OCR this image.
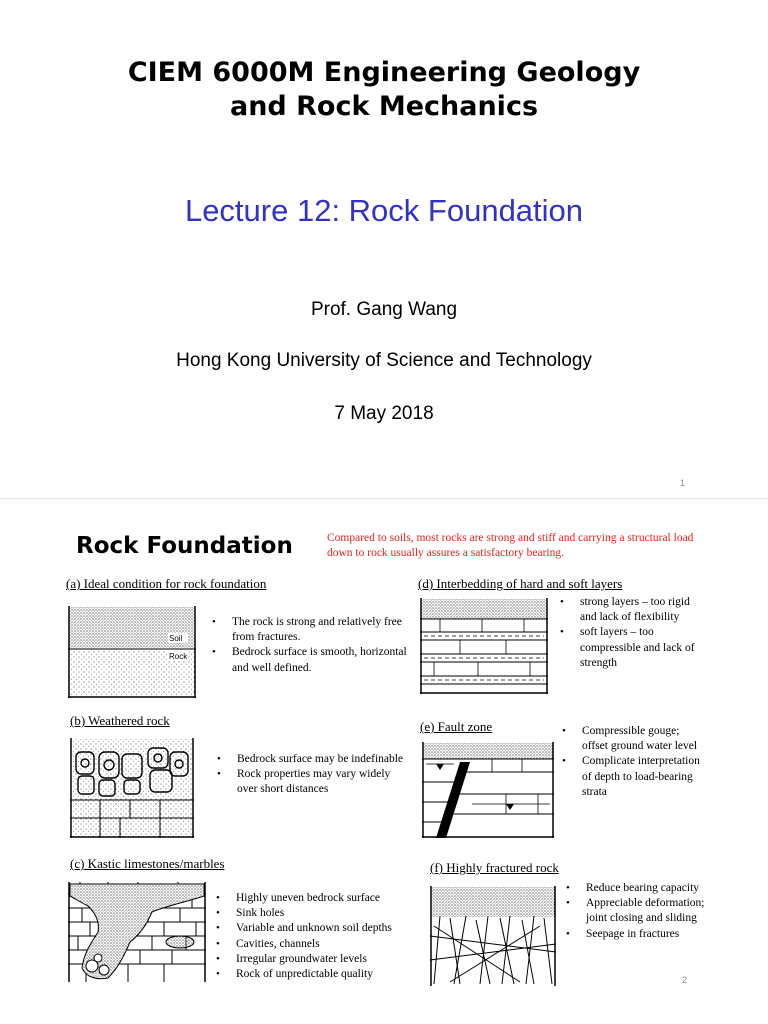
CIEM 6000M Engineering Geology
and Rock Mechanics
Lecture 12: Rock Foundation
Prof. Gang Wang
Hong Kong University of Science and Technology
7 May 2018
1
Rock Foundation	Compared to soils, most rocks are strong and stiff and carrying a structural load down to rock usually assures a satisfactory bearing.
(a) Ideal condition for rock foundation
Soil
Rock
• The rock is strong and relatively free from fractures.
• Bedrock surface is smooth, horizontal and well defined.
(b) Weathered rock
• Bedrock surface may be indefinable
• Rock properties may vary widely over short distances
(c) Kastic limestones/marbles
• Highly uneven bedrock surface
• Sink holes
• Variable and unknown soil depths
• Cavities, channels
• Irregular groundwater levels
• Rock of unpredictable quality
(d) Interbedding of hard and soft layers
• strong layers – too rigid and lack of flexibility
• soft layers – too compressible and lack of strength
(e) Fault zone
•	Compressible gouge; offset ground water level
• Complicate interpretation of depth to load-bearing strata
(f) Highly fractured rock
• Reduce bearing capacity
• Appreciable deformation; joint closing and sliding
• Seepage in fractures
2
